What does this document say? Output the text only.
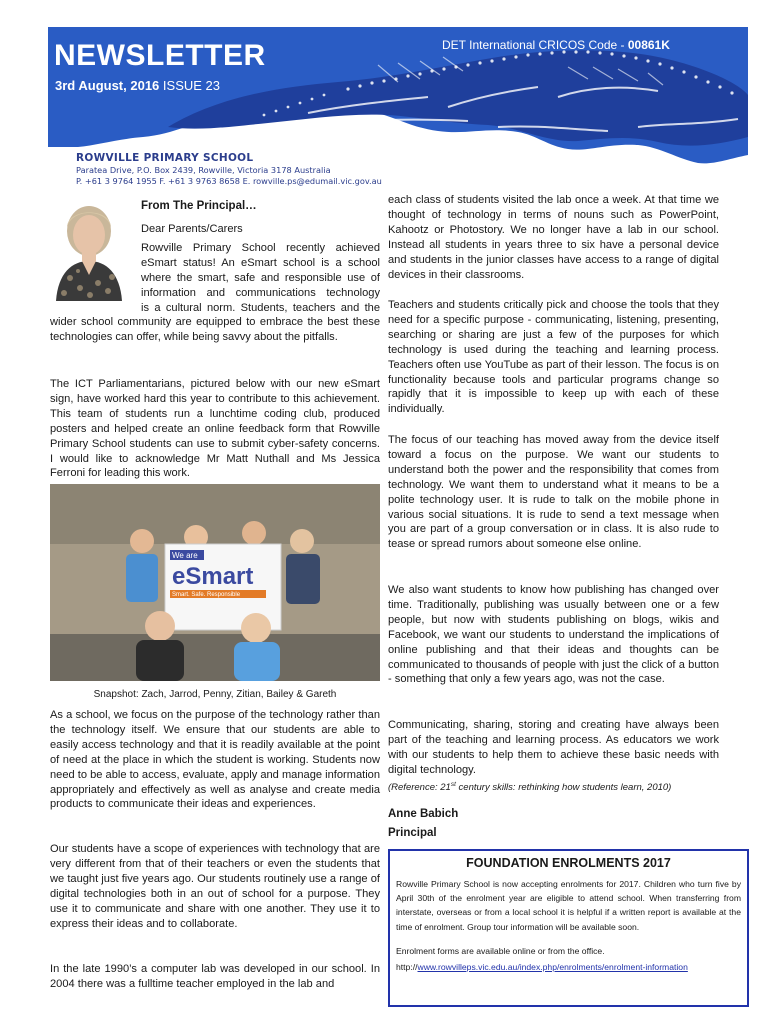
NEWSLETTER
3rd August, 2016 ISSUE 23
DET International CRICOS Code - 00861K
ROWVILLE PRIMARY SCHOOL
Paratea Drive, P.O. Box 2439, Rowville, Victoria 3178 Australia
P. +61 3 9764 1955 F. +61 3 9763 8658 E. rowville.ps@edumail.vic.gov.au
From The Principal…
Dear Parents/Carers
Rowville Primary School recently achieved
eSmart status! An eSmart school is a school
where the smart, safe and responsible use of
information and communications technology
is a cultural norm. Students, teachers and the
wider school community are equipped to embrace the best these technologies can offer, while being savvy about the pitfalls.
The ICT Parliamentarians, pictured below with our new eSmart sign, have worked hard this year to contribute to this achievement. This team of students run a lunchtime coding club, produced posters and helped create an online feedback form that Rowville Primary School students can use to submit cyber-safety concerns. I would like to acknowledge Mr Matt Nuthall and Ms Jessica Ferroni for leading this work.
We are
eSmart
Smart. Safe. Responsible
Snapshot: Zach, Jarrod, Penny, Zitian, Bailey & Gareth
As a school, we focus on the purpose of the technology rather than the technology itself. We ensure that our students are able to easily access technology and that it is readily available at the point of need at the place in which the student is working. Students now need to be able to access, evaluate, apply and manage information appropriately and effectively as well as analyse and create media products to communicate their ideas and experiences.
Our students have a scope of experiences with technology that are very different from that of their teachers or even the students that we taught just five years ago. Our students routinely use a range of digital technologies both in an out of school for a purpose. They use it to communicate and share with one another. They use it to express their ideas and to collaborate.
In the late 1990’s a computer lab was developed in our school. In 2004 there was a fulltime teacher employed in the lab and
each class of students visited the lab once a week. At that time we thought of technology in terms of nouns such as PowerPoint, Kahootz or Photostory. We no longer have a lab in our school. Instead all students in years three to six have a personal device and students in the junior classes have access to a range of digital devices in their classrooms.
Teachers and students critically pick and choose the tools that they need for a specific purpose - communicating, listening, presenting, searching or sharing are just a few of the purposes for which technology is used during the teaching and learning process. Teachers often use YouTube as part of their lesson. The focus is on functionality because tools and particular programs change so rapidly that it is impossible to keep up with each of these individually.
The focus of our teaching has moved away from the device itself toward a focus on the purpose. We want our students to understand both the power and the responsibility that comes from technology. We want them to understand what it means to be a polite technology user. It is rude to talk on the mobile phone in various social situations. It is rude to send a text message when you are part of a group conversation or in class. It is also rude to tease or spread rumors about someone else online.
We also want students to know how publishing has changed over time. Traditionally, publishing was usually between one or a few people, but now with students publishing on blogs, wikis and Facebook, we want our students to understand the implications of online publishing and that their ideas and thoughts can be communicated to thousands of people with just the click of a button - something that only a few years ago, was not the case.
Communicating, sharing, storing and creating have always been part of the teaching and learning process. As educators we work with our students to help them to achieve these basic needs with digital technology.
(Reference: 21st century skills: rethinking how students learn, 2010)
Anne Babich
Principal
FOUNDATION ENROLMENTS 2017
Rowville Primary School is now accepting enrolments for 2017. Children who turn five by April 30th of the enrolment year are eligible to attend school. When transferring from interstate, overseas or from a local school it is helpful if a written report is available at the time of enrolment. Group tour information will be available soon.
Enrolment forms are available online or from the office.
http://www.rowvilleps.vic.edu.au/index.php/enrolments/enrolment-information
